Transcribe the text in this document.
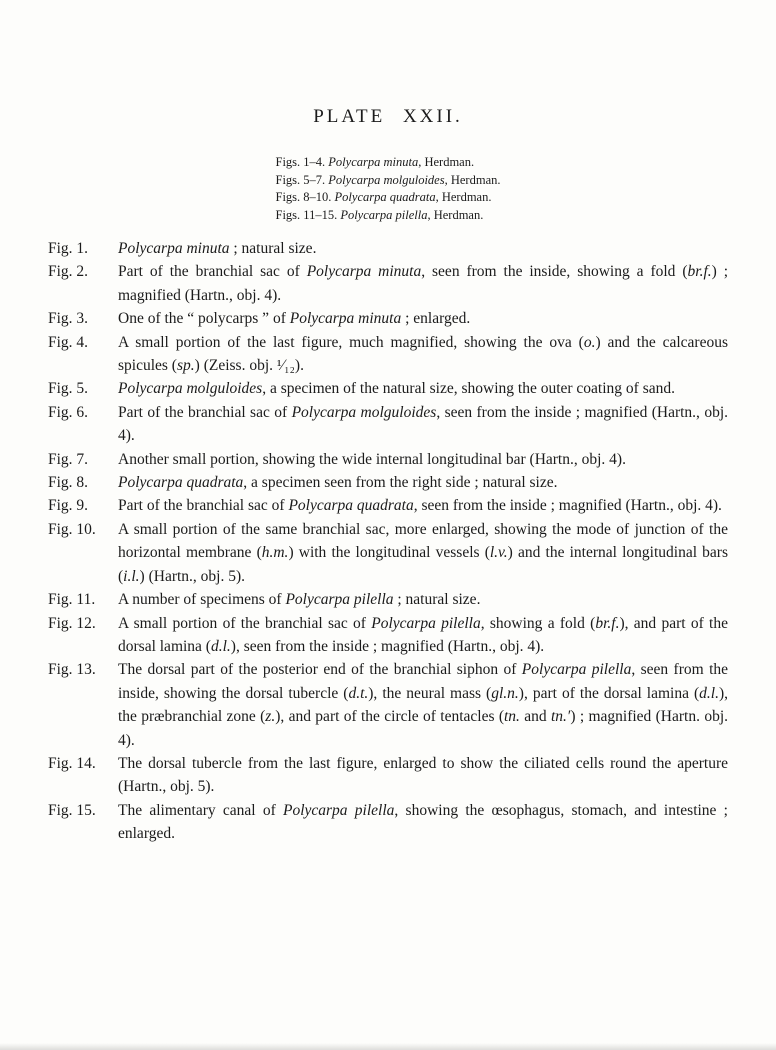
PLATE XXII.
Figs. 1–4. Polycarpa minuta, Herdman.
Figs. 5–7. Polycarpa molguloides, Herdman.
Figs. 8–10. Polycarpa quadrata, Herdman.
Figs. 11–15. Polycarpa pilella, Herdman.
Fig. 1.	Polycarpa minuta ; natural size.
Fig. 2.	Part of the branchial sac of Polycarpa minuta, seen from the inside, showing a fold (br.f.) ; magnified (Hartn., obj. 4).
Fig. 3.	One of the “ polycarps ” of Polycarpa minuta ; enlarged.
Fig. 4.	A small portion of the last figure, much magnified, showing the ova (o.) and the calcareous spicules (sp.) (Zeiss. obj. ¹⁄₁₂).
Fig. 5.	Polycarpa molguloides, a specimen of the natural size, showing the outer coating of sand.
Fig. 6.	Part of the branchial sac of Polycarpa molguloides, seen from the inside ; magnified (Hartn., obj. 4).
Fig. 7.	Another small portion, showing the wide internal longitudinal bar (Hartn., obj. 4).
Fig. 8.	Polycarpa quadrata, a specimen seen from the right side ; natural size.
Fig. 9.	Part of the branchial sac of Polycarpa quadrata, seen from the inside ; magnified (Hartn., obj. 4).
Fig. 10.	A small portion of the same branchial sac, more enlarged, showing the mode of junction of the horizontal membrane (h.m.) with the longitudinal vessels (l.v.) and the internal longitudinal bars (i.l.) (Hartn., obj. 5).
Fig. 11.	A number of specimens of Polycarpa pilella ; natural size.
Fig. 12.	A small portion of the branchial sac of Polycarpa pilella, showing a fold (br.f.), and part of the dorsal lamina (d.l.), seen from the inside ; magnified (Hartn., obj. 4).
Fig. 13.	The dorsal part of the posterior end of the branchial siphon of Polycarpa pilella, seen from the inside, showing the dorsal tubercle (d.t.), the neural mass (gl.n.), part of the dorsal lamina (d.l.), the præbranchial zone (z.), and part of the circle of tentacles (tn. and tn.′) ; magnified (Hartn. obj. 4).
Fig. 14.	The dorsal tubercle from the last figure, enlarged to show the ciliated cells round the aperture (Hartn., obj. 5).
Fig. 15.	The alimentary canal of Polycarpa pilella, showing the œsophagus, stomach, and intestine ; enlarged.
